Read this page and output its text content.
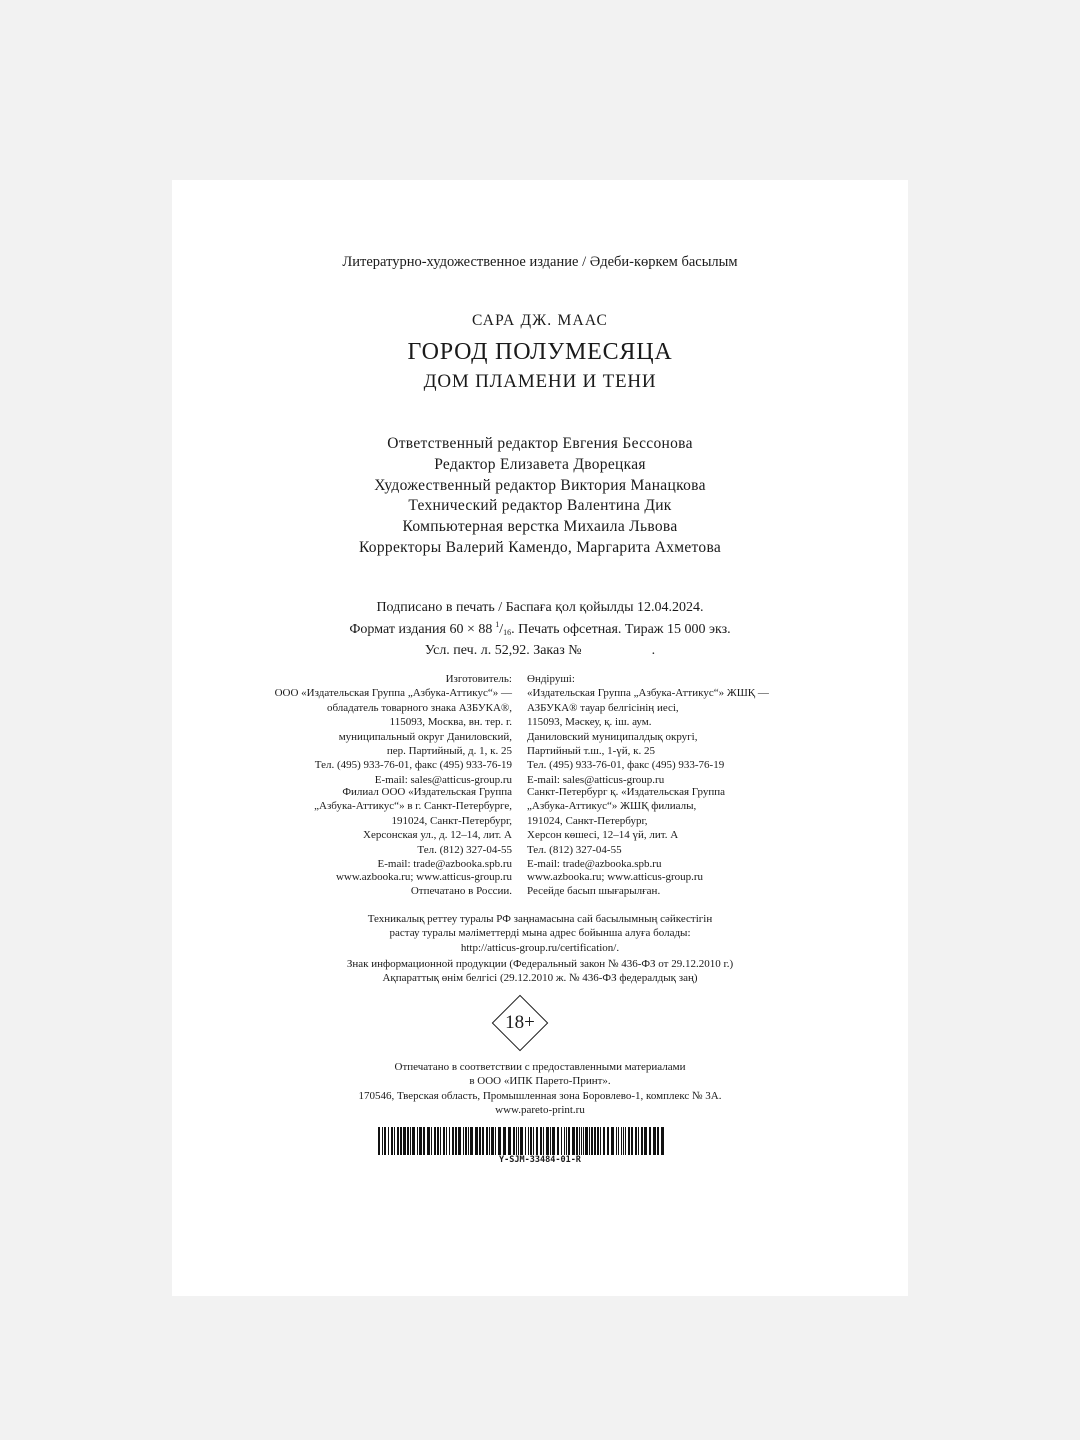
Литературно-художественное издание / Әдеби-көркем басылым
САРА ДЖ. МААС
ГОРОД ПОЛУМЕСЯЦА
ДОМ ПЛАМЕНИ И ТЕНИ
Ответственный редактор Евгения Бессонова
Редактор Елизавета Дворецкая
Художественный редактор Виктория Манацкова
Технический редактор Валентина Дик
Компьютерная верстка Михаила Львова
Корректоры Валерий Камендо, Маргарита Ахметова
Подписано в печать / Баспаға қол қойылды 12.04.2024.
Формат издания 60 × 88  $^1/_{16}$. Печать офсетная. Тираж 15 000 экз.
Усл. печ. л. 52,92. Заказ №	.
Изготовитель:
ООО «Издательская Группа „Азбука-Аттикус“» —
обладатель товарного знака АЗБУКА®,
115093, Москва, вн. тер. г.
муниципальный округ Даниловский,
пер. Партийный, д. 1, к. 25
Тел. (495) 933-76-01, факс (495) 933-76-19
E-mail: sales@atticus-group.ru
Филиал ООО «Издательская Группа
„Азбука-Аттикус“» в г. Санкт-Петербурге,
191024, Санкт-Петербург,
Херсонская ул., д. 12–14, лит. А
Тел. (812) 327-04-55
E-mail: trade@azbooka.spb.ru
www.azbooka.ru; www.atticus-group.ru
Отпечатано в России.
Өндіруші:
«Издательская Группа „Азбука-Аттикус“» ЖШҚ —
АЗБУКА® тауар белгісінің иесі,
115093, Мәскеу, қ. іш. аум.
Даниловский муниципалдық округі,
Партийный т.ш., 1-үй, к. 25
Тел. (495) 933-76-01, факс (495) 933-76-19
E-mail: sales@atticus-group.ru
Санкт-Петербург қ. «Издательская Группа
„Азбука-Аттикус“» ЖШҚ филиалы,
191024, Санкт-Петербург,
Херсон көшесі, 12–14 үй, лит. А
Тел. (812) 327-04-55
E-mail: trade@azbooka.spb.ru
www.azbooka.ru; www.atticus-group.ru
Ресейде басып шығарылған.
Техникалық реттеу туралы РФ заңнамасына сай басылымның сәйкестігін
растау туралы мәліметтерді мына адрес бойынша алуға болады:
http://atticus-group.ru/certification/.
Знак информационной продукции (Федеральный закон № 436-ФЗ от 29.12.2010 г.)
Ақпараттық өнім белгісі (29.12.2010 ж. № 436-ФЗ федералдық заң)
18+
Отпечатано в соответствии с предоставленными материалами
в ООО «ИПК Парето-Принт».
170546, Тверская область, Промышленная зона Боровлево-1, комплекс № 3А.
www.pareto-print.ru
Y-SJM-33484-01-R
